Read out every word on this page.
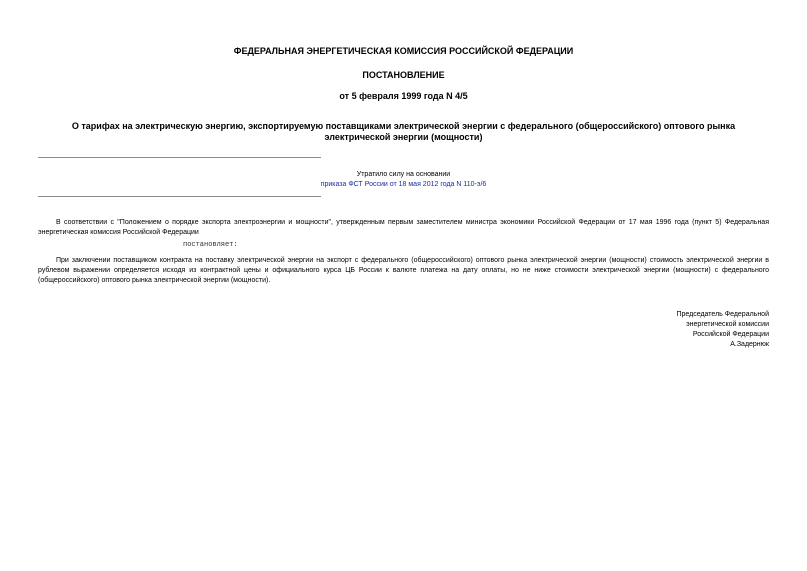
ФЕДЕРАЛЬНАЯ ЭНЕРГЕТИЧЕСКАЯ КОМИССИЯ РОССИЙСКОЙ ФЕДЕРАЦИИ
ПОСТАНОВЛЕНИЕ
от 5 февраля 1999 года N 4/5
О тарифах на электрическую энергию, экспортируемую поставщиками электрической энергии с федерального (общероссийского) оптового рынка электрической энергии (мощности)
Утратило силу на основании
приказа ФСТ России от 18 мая 2012 года N 110-э/6
В соответствии с "Положением о порядке экспорта электроэнергии и мощности", утвержденным первым заместителем министра экономики Российской Федерации от 17 мая 1996 года (пункт 5) Федеральная энергетическая комиссия Российской Федерации
постановляет:
При заключении поставщиком контракта на поставку электрической энергии на экспорт с федерального (общероссийского) оптового рынка электрической энергии (мощности) стоимость электрической энергии в рублевом выражении определяется исходя из контрактной цены и официального курса ЦБ России к валюте платежа на дату оплаты, но не ниже стоимости электрической энергии (мощности) с федерального (общероссийского) оптового рынка электрической энергии (мощности).
Председатель Федеральной
энергетической комиссии
Российской Федерации
А.Задернюк
